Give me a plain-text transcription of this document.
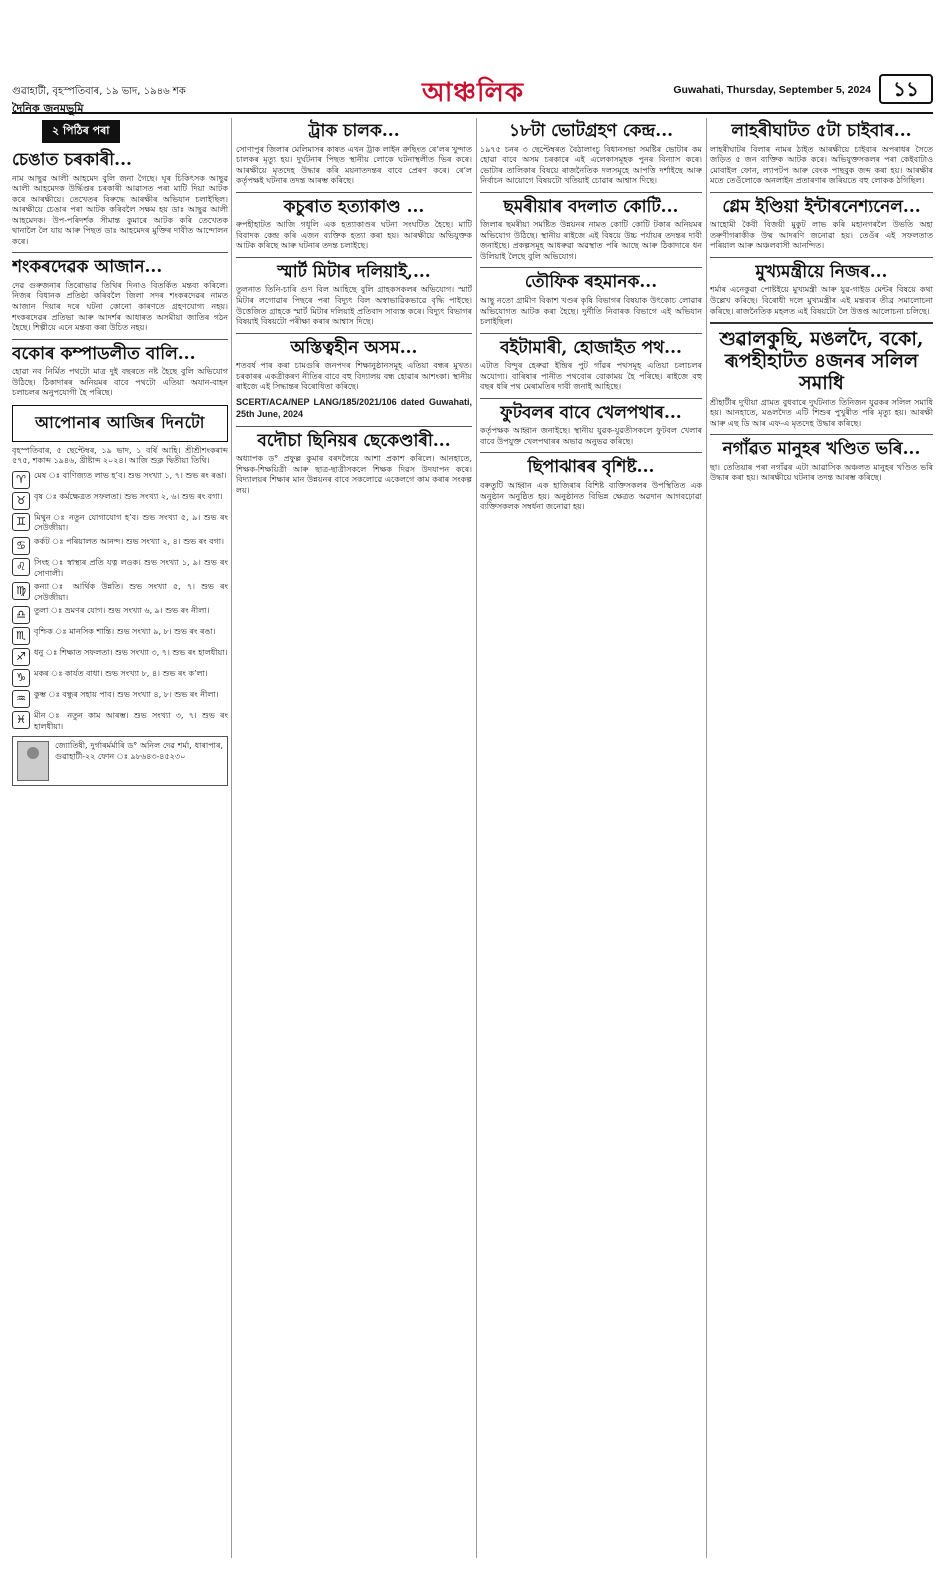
গুৱাহাটী, বৃহস্পতিবাৰ, ১৯ ভাদ, ১৯৪৬ শক	আঞ্চলিক	Guwahati, Thursday, September 5, 2024	১১
দৈনিক জনমভূমি
২ পিঠিৰ পৰা
চেঙাত চৰকাৰী...

নাম আছুৱ আলী আহমেদ বুলি জনা গৈছে। ঘূৰ চিকিৎসক আছুৱ আলী আহমেদক উৰ্দ্ধিপ্তৰ চৰকাৰী আৱাসত পৰা মাটি দিয়া আটক কৰে আৰক্ষীয়ে। তেখেতৰ বিৰুদ্ধে আৰক্ষীৰ অভিযান চলাইছিল। আৰক্ষীয়ে চেঙাৰ পৰা আটক কৰিবলৈ সক্ষম হয় ডাঃ আছুৱ আলী আহমেদক। উপ-পৰিদৰ্শক সীমান্ত কুমাৰে আটক কৰি তেখেতক থানালৈ লৈ যায় আৰু পিছত ডাঃ আহমেদৰ মুক্তিৰ দাবীত আন্দোলন কৰে।

শংকৰদেৱক আজান...

দেৱ গুৰুজনাৰ তিৰোভাৱ তিথিৰ দিনাও বিতৰ্কিত মন্তব্য কৰিলে। নিজৰ বিধানক প্ৰতিষ্ঠা কৰিবলৈ জিলা সদৰ শংকৰদেৱৰ নামত আজান দিয়াৰ দৰে ঘটনা কোনো কাৰণতে গ্ৰহণযোগ্য নহয়। শংকৰদেৱৰ প্ৰতিভা আৰু আদৰ্শৰ আধাৰত অসমীয়া জাতিৰ গঠন হৈছে। শিল্পীয়ে এনে মন্তব্য কৰা উচিত নহয়।

বকোৰ কম্পাডলীত বালি...

হোৱা নব নিৰ্মিত পথটো মাত্ৰ দুই বছৰতে নষ্ট হৈছে বুলি অভিযোগ উঠিছে। ঠিকাদাৰৰ অনিয়মৰ বাবে পথটো এতিয়া অযান-বাহন চলাচলৰ অনুপযোগী হৈ পৰিছে।

আপোনাৰ আজিৰ দিনটো

বৃহস্পতিবাৰ, ৫ ছেপ্টেম্বৰ, ১৯ ভাদ, ১ বৰ্ষি আহি। শ্ৰীশ্ৰীশংকৰাব্দ ৫৭৫, শকাব্দ ১৯৪৬, খ্ৰীষ্টাব্দ ২০২৪। আজি শুক্ল দ্বিতীয়া তিথি।

♈	মেষ ঃ বাণিজ্যত লাভ হ’ব। শুভ সংখ্যা ১, ৭। শুভ ৰং ৰঙা।

♉	বৃষ ঃ কৰ্মক্ষেত্ৰত সফলতা। শুভ সংখ্যা ২, ৬। শুভ ৰং বগা।

♊	মিথুন ঃ নতুন যোগাযোগ হ’ব। শুভ সংখ্যা ৫, ৯। শুভ ৰং সেউজীয়া।

♋	কৰ্কট ঃ পৰিয়ালত আনন্দ। শুভ সংখ্যা ২, ৪। শুভ ৰং বগা।

♌	সিংহ ঃ স্বাস্থ্যৰ প্ৰতি যত্ন লওক। শুভ সংখ্যা ১, ৯। শুভ ৰং সোণালী।

♍	কন্যা ঃ আৰ্থিক উন্নতি। শুভ সংখ্যা ৫, ৭। শুভ ৰং সেউজীয়া।

♎	তুলা ঃ ভ্ৰমণৰ যোগ। শুভ সংখ্যা ৬, ৯। শুভ ৰং নীলা।

♏	বৃশ্চিক ঃ মানসিক শান্তি। শুভ সংখ্যা ৯, ৮। শুভ ৰং ৰঙা।

♐	ধনু ঃ শিক্ষাত সফলতা। শুভ সংখ্যা ৩, ৭। শুভ ৰং হালধীয়া।

♑	মকৰ ঃ কাৰ্যত বাধা। শুভ সংখ্যা ৮, ৪। শুভ ৰং ক’লা।

♒	কুম্ভ ঃ বন্ধুৰ সহায় পাব। শুভ সংখ্যা ৪, ৮। শুভ ৰং নীলা।

♓	মীন ঃ নতুন কাম আৰম্ভ। শুভ সংখ্যা ৩, ৭। শুভ ৰং হালধীয়া।

জ্যোতিষী, দুৰ্গাৰৰ্মৰ্মাৰি ড° অনিল দেৱ শৰ্মা, ধাৰাপাৰ, গুৱাহাটী-২২ ফোন ঃ ৯৮৬৪৩-৪৫২৩০

ট্ৰাক চালক...

সোণাপুৰ জিলাৰ মেলিমাসৰ কাষত এখন ট্ৰাক লাইন ক্ৰছিংত ৰে’লৰ খুন্দাত চালকৰ মৃত্যু হয়। দুৰ্ঘটনাৰ পিছত স্থানীয় লোকে ঘটনাস্থলীত ভিৰ কৰে। আৰক্ষীয়ে মৃতদেহ উদ্ধাৰ কৰি ময়নাতদন্তৰ বাবে প্ৰেৰণ কৰে। ৰে’ল কৰ্তৃপক্ষই ঘটনাৰ তদন্ত আৰম্ভ কৰিছে।

কচুৰাত হত্যাকাণ্ড ...

ৰুপহীহাটত আজি গধূলি এক হত্যাকাণ্ডৰ ঘটনা সংঘটিত হৈছে। মাটি বিবাদক কেন্দ্ৰ কৰি এজন ব্যক্তিক হত্যা কৰা হয়। আৰক্ষীয়ে অভিযুক্তক আটক কৰিছে আৰু ঘটনাৰ তদন্ত চলাইছে।

স্মাৰ্ট মিটাৰ দলিয়াই,...

তুলনাত তিনি-চাৰি গুণ বিল আহিছে বুলি গ্ৰাহকসকলৰ অভিযোগ। স্মাৰ্ট মিটাৰ লগোৱাৰ পিছৰে পৰা বিদ্যুৎ বিল অস্বাভাৱিকভাৱে বৃদ্ধি পাইছে। উত্তেজিত গ্ৰাহকে স্মাৰ্ট মিটাৰ দলিয়াই প্ৰতিবাদ সাব্যস্ত কৰে। বিদ্যুৎ বিভাগৰ বিষয়াই বিষয়টো পৰীক্ষা কৰাৰ আশ্বাস দিছে।

অস্তিত্বহীন অসম...

শতবৰ্ষ পাৰ কৰা চামগুৰি জনপদৰ শিক্ষানুষ্ঠানসমূহ এতিয়া বন্ধৰ মুখত। চৰকাৰৰ একত্ৰীকৰণ নীতিৰ বাবে বহু বিদ্যালয় বন্ধ হোৱাৰ আশংকা। স্থানীয় ৰাইজে এই সিদ্ধান্তৰ বিৰোধিতা কৰিছে।

SCERT/ACA/NEP LANG/185/2021/106 dated Guwahati, 25th June, 2024

বদৌচা ছিনিয়ৰ ছেকেণ্ডাৰী...

অধ্যাপক ড° প্ৰফুল্ল কুমাৰ বৰদলৈয়ে আশা প্ৰকাশ কৰিলে। আনহাতে, শিক্ষক-শিক্ষয়িত্ৰী আৰু ছাত্ৰ-ছাত্ৰীসকলে শিক্ষক দিৱস উদযাপন কৰে। বিদ্যালয়ৰ শিক্ষাৰ মান উন্নয়নৰ বাবে সকলোৱে একেলগে কাম কৰাৰ সংকল্প লয়।

১৮টা ভোটগ্ৰহণ কেন্দ্ৰ...

১৯৭৫ চনৰ ৩ ছেপ্টেম্বৰত বৈঠালাংচু বিধানসভা সমষ্টিৰ ভোটাৰ কম হোৱা বাবে অসম চৰকাৰে এই এলেকাসমূহক পুনৰ বিন্যাস কৰে। ভোটাৰ তালিকাৰ বিষয়ে ৰাজনৈতিক দলসমূহে আপত্তি দৰ্শাইছে আৰু নিৰ্বাচন আয়োগে বিষয়টো খতিয়াই চোৱাৰ আশ্বাস দিছে।

ছমৰীয়াৰ বদলাত কোটি...

জিলাৰ ছমৰীয়া সমষ্টিত উন্নয়নৰ নামত কোটি কোটি টকাৰ অনিয়মৰ অভিযোগ উঠিছে। স্থানীয় ৰাইজে এই বিষয়ে উচ্চ পৰ্যায়ৰ তদন্তৰ দাবী জনাইছে। প্ৰকল্পসমূহ আধৰুৱা অৱস্থাত পৰি আছে আৰু ঠিকাদাৰে ধন উলিয়াই লৈছে বুলি অভিযোগ।

তৌফিক ৰহমানক...

আছু নতো গ্ৰামীণ বিকাশ খণ্ডৰ কৃষি বিভাগৰ বিষয়াক উৎকোচ লোৱাৰ অভিযোগত আটক কৰা হৈছে। দুৰ্নীতি নিবাৰক বিভাগে এই অভিযান চলাইছিল।

বইটামাৰী, হোজাইত পথ...

এটাত বিন্দুৰ হেৰুৱা ইন্দ্ৰিৰ পুট গাঁৱৰ পথসমূহ এতিয়া চলাচলৰ অযোগ্য। বাৰিষাৰ পানীত পথবোৰ বোকাময় হৈ পৰিছে। ৰাইজে বহু বছৰ ধৰি পথ মেৰামতিৰ দাবী জনাই আহিছে।

ফুটবলৰ বাবে খেলপথাৰ...

কৰ্তৃপক্ষক আহ্বান জনাইছে। স্থানীয় যুৱক-যুৱতীসকলে ফুটবল খেলাৰ বাবে উপযুক্ত খেলপথাৰৰ অভাৱ অনুভৱ কৰিছে।

ছিপাঝাৰৰ বৃশিষ্ট...

বৰুতুটি আহ্বান এক হাজিৰাৰ বিশিষ্ট ব্যক্তিসকলৰ উপস্থিতিত এক অনুষ্ঠান অনুষ্ঠিত হয়। অনুষ্ঠানত বিভিন্ন ক্ষেত্ৰত অৱদান আগবঢ়োৱা ব্যক্তিসকলক সম্বৰ্ধনা জনোৱা হয়।

লাহৰীঘাটত ৫টা চাইবাৰ...

লাহৰীঘাটৰ বিলাৰ নামৰ ঠাইত আৰক্ষীয়ে চাইবাৰ অপৰাধৰ সৈতে জড়িত ৫ জন ব্যক্তিক আটক কৰে। অভিযুক্তসকলৰ পৰা কেইবাটাও মোবাইল ফোন, ল্যাপটপ আৰু বেংক পাছবুক জব্দ কৰা হয়। আৰক্ষীৰ মতে তেওঁলোকে অনলাইন প্ৰতাৰণাৰ জৰিয়তে বহু লোকক ঠগিছিল।

গ্লেম ইণ্ডিয়া ইন্টাৰনেশ্যনেল...

আহোমী কৈবী বিজয়ী মুকুট লাভ কৰি মহানগৰলৈ উভতি অহা তৰুণীগৰাকীক উষ্ম আদৰণি জনোৱা হয়। তেওঁৰ এই সফলতাত পৰিয়াল আৰু অঞ্চলবাসী আনন্দিত।

মুখ্যমন্ত্ৰীয়ে নিজৰ...

শৰ্মাৰ এনেকুৱা পোষ্টইয়ে মুখ্যমন্ত্ৰী আৰু যুৱ-গাইড মেন্টৰ বিষয়ে কথা উল্লেখ কৰিছে। বিৰোধী দলে মুখ্যমন্ত্ৰীৰ এই মন্তব্যৰ তীব্ৰ সমালোচনা কৰিছে। ৰাজনৈতিক মহলত এই বিষয়টো লৈ উত্তপ্ত আলোচনা চলিছে।

শুৱালকুছি, মঙলদৈ, বকো, ৰূপহীহাটত ৪জনৰ সলিল সমাধি

শ্ৰীহাটীৰ দুখীয়া গ্ৰামত বুধবাৰে দুৰ্ঘটনাত তিনিজন যুৱকৰ সলিল সমাধি হয়। আনহাতে, মঙলদৈত এটি শিশুৰ পুখুৰীত পৰি মৃত্যু হয়। আৰক্ষী আৰু এছ ডি আৰ এফ-এ মৃতদেহ উদ্ধাৰ কৰিছে।

নগাঁৱত মানুহৰ খণ্ডিত ভৰি...

ছা। তেতিয়াৰ পৰা নগাঁৱৰ এটা আৱাসিক অঞ্চলত মানুহৰ খণ্ডিত ভৰি উদ্ধাৰ কৰা হয়। আৰক্ষীয়ে ঘটনাৰ তদন্ত আৰম্ভ কৰিছে।
